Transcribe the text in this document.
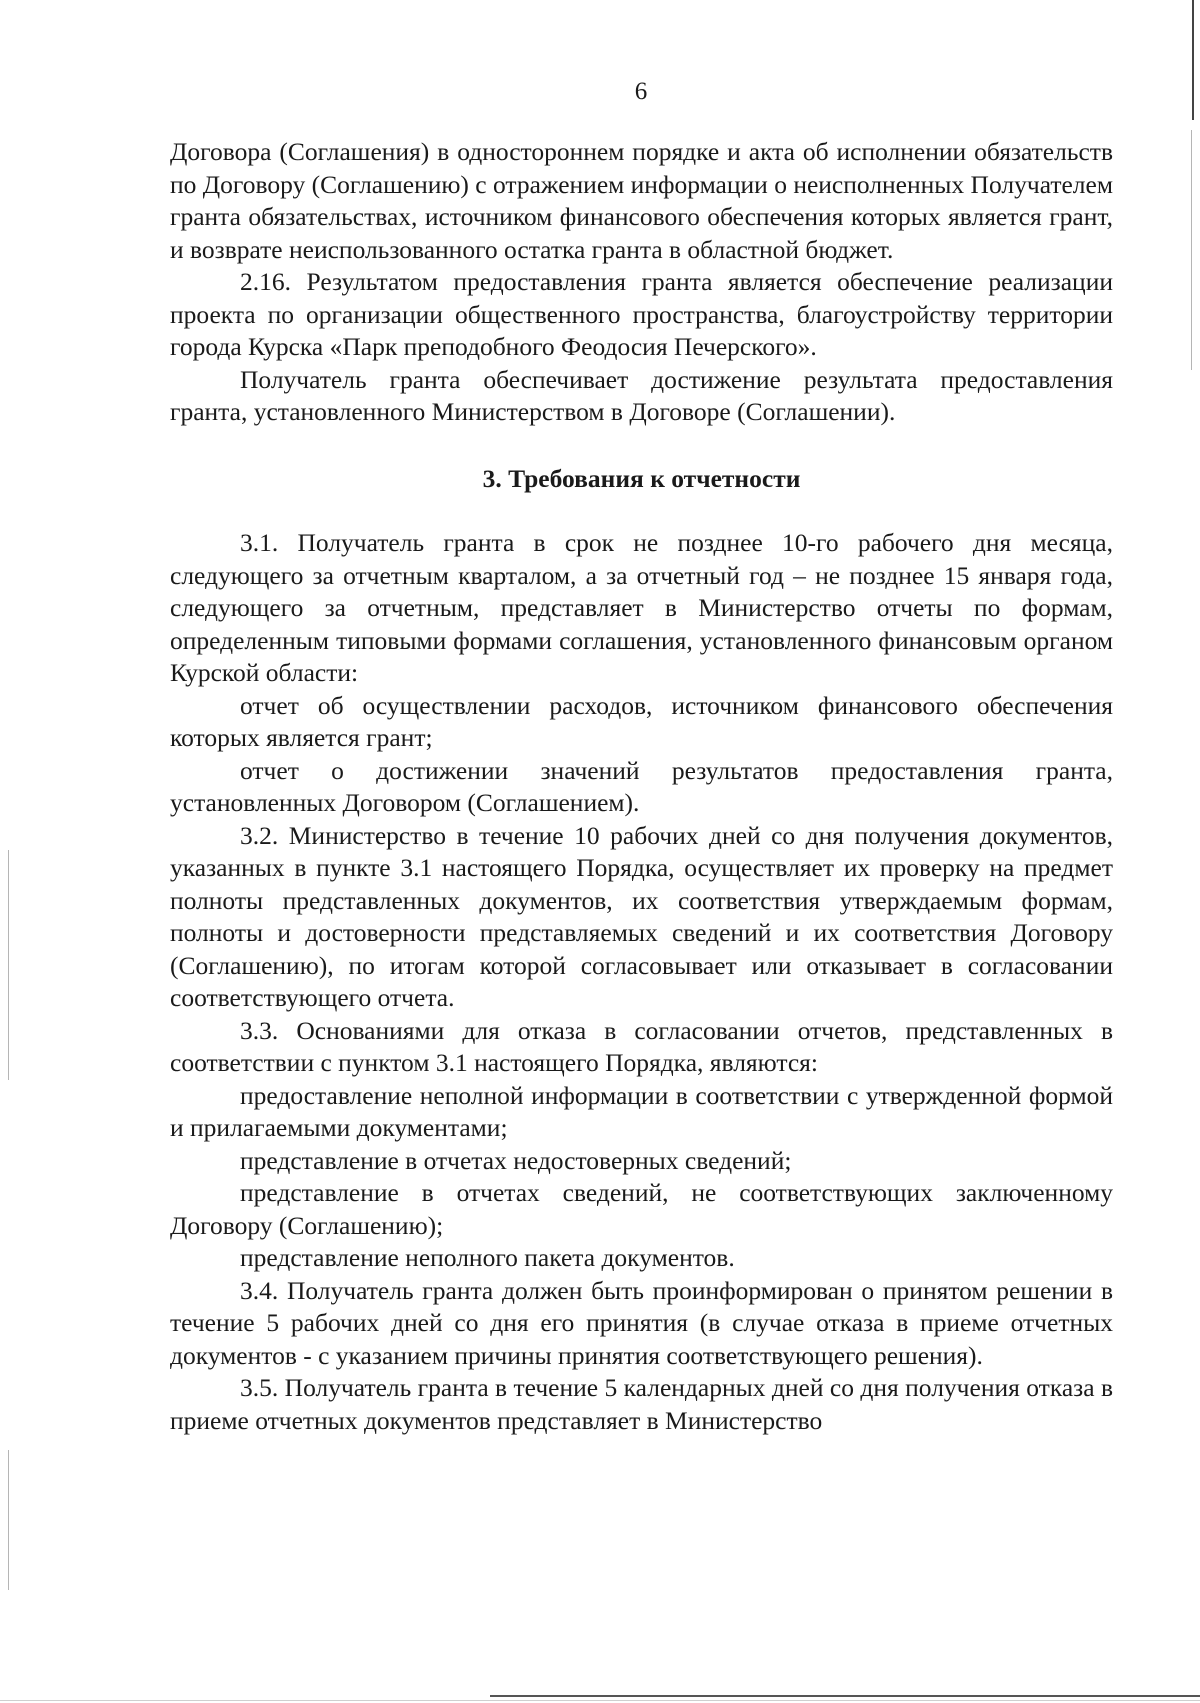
6

Договора (Соглашения) в одностороннем порядке и акта об исполнении обязательств по Договору (Соглашению) с отражением информации о неисполненных Получателем гранта обязательствах, источником финансового обеспечения которых является грант, и возврате неиспользованного остатка гранта в областной бюджет.

2.16. Результатом предоставления гранта является обеспечение реализации проекта по организации общественного пространства, благоустройству территории города Курска «Парк преподобного Феодосия Печерского».

Получатель гранта обеспечивает достижение результата предоставления гранта, установленного Министерством в Договоре (Соглашении).

3. Требования к отчетности

3.1. Получатель гранта в срок не позднее 10-го рабочего дня месяца, следующего за отчетным кварталом, а за отчетный год – не позднее 15 января года, следующего за отчетным, представляет в Министерство отчеты по формам, определенным типовыми формами соглашения, установленного финансовым органом Курской области:

отчет об осуществлении расходов, источником финансового обеспечения которых является грант;

отчет о достижении значений результатов предоставления гранта, установленных Договором (Соглашением).

3.2. Министерство в течение 10 рабочих дней со дня получения документов, указанных в пункте 3.1 настоящего Порядка, осуществляет их проверку на предмет полноты представленных документов, их соответствия утверждаемым формам, полноты и достоверности представляемых сведений и их соответствия Договору (Соглашению), по итогам которой согласовывает или отказывает в согласовании соответствующего отчета.

3.3. Основаниями для отказа в согласовании отчетов, представленных в соответствии с пунктом 3.1 настоящего Порядка, являются:

предоставление неполной информации в соответствии с утвержденной формой и прилагаемыми документами;

представление в отчетах недостоверных сведений;

представление в отчетах сведений, не соответствующих заключенному Договору (Соглашению);

представление неполного пакета документов.

3.4. Получатель гранта должен быть проинформирован о принятом решении в течение 5 рабочих дней со дня его принятия (в случае отказа в приеме отчетных документов - с указанием причины принятия соответствующего решения).

3.5. Получатель гранта в течение 5 календарных дней со дня получения отказа в приеме отчетных документов представляет в Министерство
